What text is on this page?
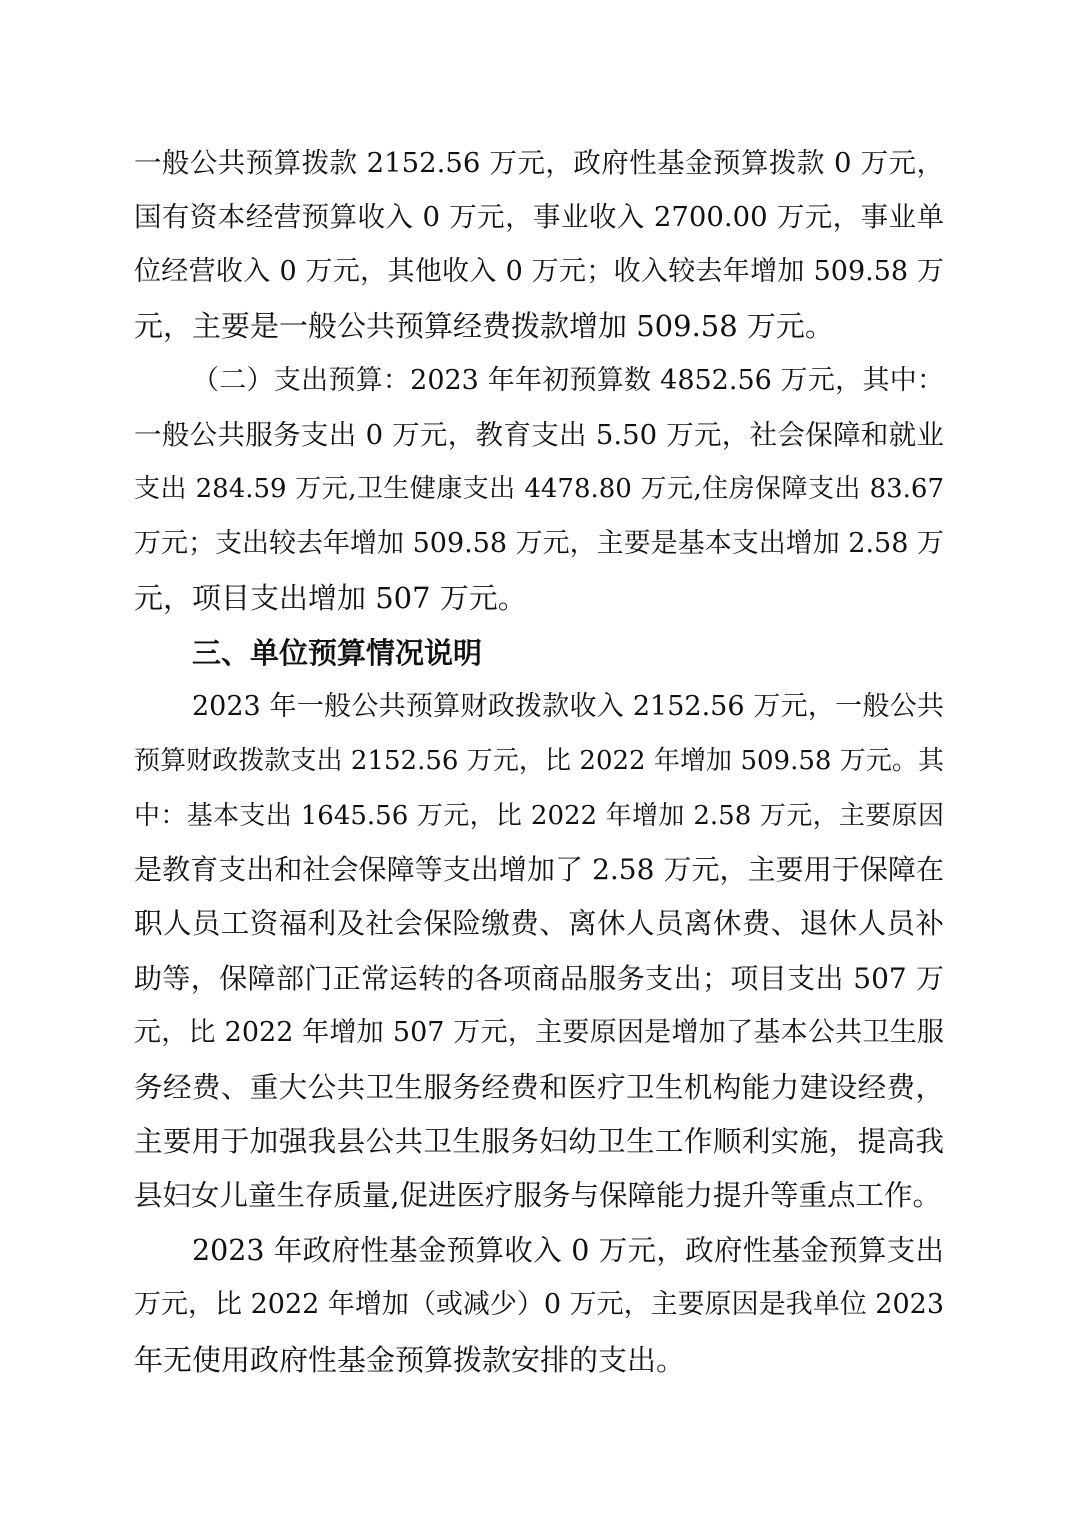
一般公共预算拨款 2152.56 万元，政府性基金预算拨款 0 万元，
国有资本经营预算收入 0 万元，事业收入 2700.00 万元，事业单
位经营收入 0 万元，其他收入 0 万元；收入较去年增加 509.58 万
元，主要是一般公共预算经费拨款增加 509.58 万元。
（二）支出预算：2023 年年初预算数 4852.56 万元，其中：
一般公共服务支出 0 万元，教育支出 5.50 万元，社会保障和就业
支出 284.59 万元,卫生健康支出 4478.80 万元,住房保障支出 83.67
万元；支出较去年增加 509.58 万元，主要是基本支出增加 2.58 万
元，项目支出增加 507 万元。
三、单位预算情况说明
2023 年一般公共预算财政拨款收入 2152.56 万元，一般公共
预算财政拨款支出 2152.56 万元，比 2022 年增加 509.58 万元。其
中：基本支出 1645.56 万元，比 2022 年增加 2.58 万元，主要原因
是教育支出和社会保障等支出增加了 2.58 万元，主要用于保障在
职人员工资福利及社会保险缴费、离休人员离休费、退休人员补
助等，保障部门正常运转的各项商品服务支出；项目支出 507 万
元，比 2022 年增加 507 万元，主要原因是增加了基本公共卫生服
务经费、重大公共卫生服务经费和医疗卫生机构能力建设经费，
主要用于加强我县公共卫生服务妇幼卫生工作顺利实施，提高我
县妇女儿童生存质量,促进医疗服务与保障能力提升等重点工作。
2023 年政府性基金预算收入 0 万元，政府性基金预算支出
万元，比 2022 年增加（或减少）0 万元，主要原因是我单位 2023
年无使用政府性基金预算拨款安排的支出。
